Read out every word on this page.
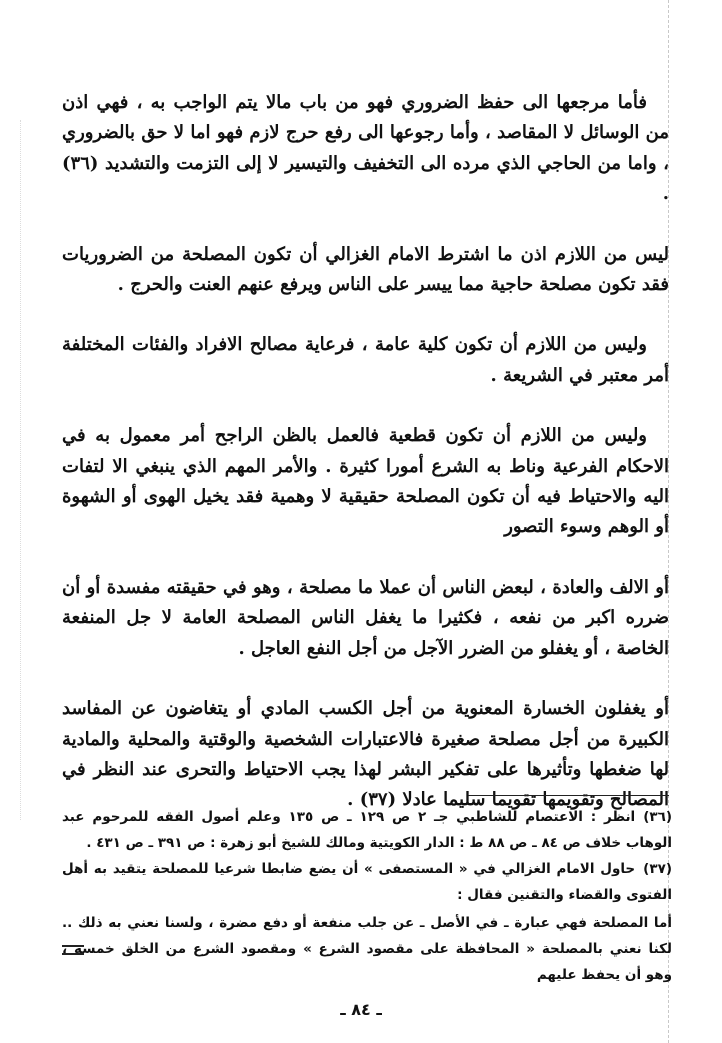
فأما مرجعها الى حفظ الضروري فهو من باب مالا يتم الواجب به ، فهي اذن من الوسائل لا المقاصد ، وأما رجوعها الى رفع حرج لازم فهو اما لا حق بالضروري ، واما من الحاجي الذي مرده الى التخفيف والتيسير لا إلى التزمت والتشديد (٣٦) .

ليس من اللازم اذن ما اشترط الامام الغزالي أن تكون المصلحة من الضروريات فقد تكون مصلحة حاجية مما ييسر على الناس ويرفع عنهم العنت والحرج .

وليس من اللازم أن تكون كلية عامة ، فرعاية مصالح الافراد والفئات المختلفة أمر معتبر في الشريعة .

وليس من اللازم أن تكون قطعية فالعمل بالظن الراجح أمر معمول به في الاحكام الفرعية وناط به الشرع أمورا كثيرة . والأمر المهم الذي ينبغي الا لتفات اليه والاحتياط فيه أن تكون المصلحة حقيقية لا وهمية فقد يخيل الهوى أو الشهوة أو الوهم وسوء التصور

أو الالف والعادة ، لبعض الناس أن عملا ما مصلحة ، وهو في حقيقته مفسدة أو أن ضرره اكبر من نفعه ، فكثيرا ما يغفل الناس المصلحة العامة لا جل المنفعة الخاصة ، أو يغفلو من الضرر الآجل من أجل النفع العاجل .

أو يغفلون الخسارة المعنوية من أجل الكسب المادي أو يتغاضون عن المفاسد الكبيرة من أجل مصلحة صغيرة فالاعتبارات الشخصية والوقتية والمحلية والمادية لها ضغطها وتأثيرها على تفكير البشر لهذا يجب الاحتياط والتحرى عند النظر في المصالح وتقويمها تقويما سليما عادلا (٣٧) .

(٣٦)انظر : الاعتصام للشاطبي جـ ٢ ص ١٢٩ ـ ص ١٣٥ وعلم أصول الفقه للمرحوم عبد الوهاب خلاف ص ٨٤ ـ ص ٨٨ ط : الدار الكويتية ومالك للشيخ أبو زهرة : ص ٣٩١ ـ ص ٤٣١ .

(٣٧)حاول الامام الغزالي في « المستصفى » أن يضع ضابطا شرعيا للمصلحة يتقيد به أهل الفتوى والقضاء والتقنين فقال :

أما المصلحة فهي عبارة ـ في الأصل ـ عن جلب منفعة أو دفع مضرة ، ولسنا نعني به ذلك .. لكنا نعني بالمصلحة « المحافظة على مقصود الشرع » ومقصود الشرع من الخلق خمسة ، وهو أن يحفظ عليهم

ـ ٨٤ ـ
